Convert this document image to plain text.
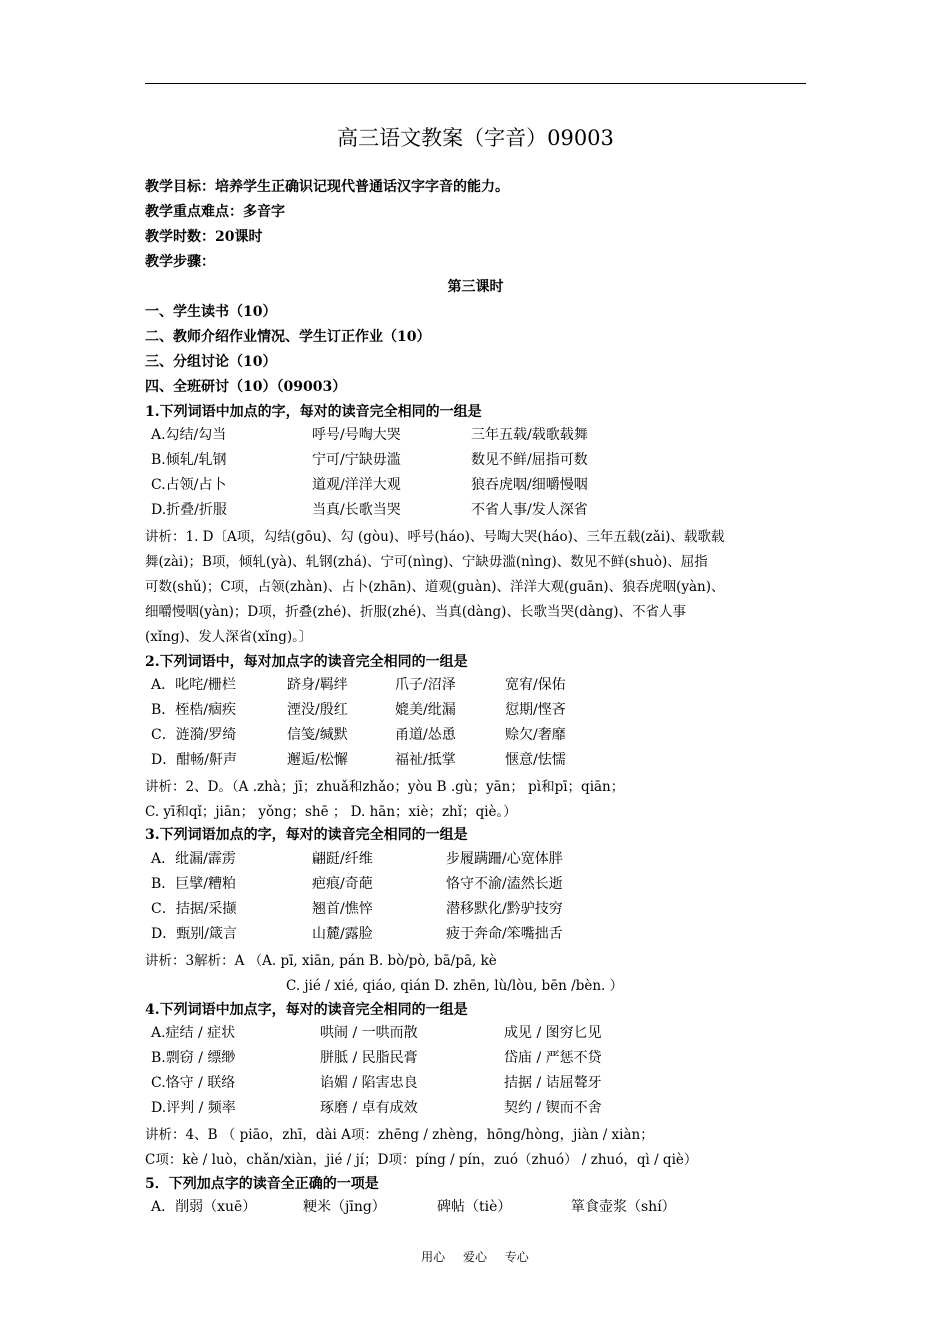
高三语文教案（字音）09003
教学目标：培养学生正确识记现代普通话汉字字音的能力。
教学重点难点：多音字
教学时数：20课时
教学步骤：
第三课时
一、学生读书（10）
二、教师介绍作业情况、学生订正作业（10）
三、分组讨论（10）
四、全班研讨（10）（09003）
1.下列词语中加点的字，每对的读音完全相同的一组是
A.勾结/勾当	呼号/号啕大哭	三年五载/载歌载舞
B.倾轧/轧钢	宁可/宁缺毋滥	数见不鲜/屈指可数
C.占领/占卜	道观/洋洋大观	狼吞虎咽/细嚼慢咽
D.折叠/折服	当真/长歌当哭	不省人事/发人深省
讲析：1. D〔A项，勾结(gōu)、勾 (gòu)、呼号(háo)、号啕大哭(háo)、三年五载(zǎi)、载歌载
舞(zài)；B项，倾轧(yà)、轧钢(zhá)、宁可(nìng)、宁缺毋滥(nìng)、数见不鲜(shuò)、屈指
可数(shǔ)；C项，占领(zhàn)、占卜(zhān)、道观(guàn)、洋洋大观(guān)、狼吞虎咽(yàn)、
细嚼慢咽(yàn)；D项，折叠(zhé)、折服(zhé)、当真(dàng)、长歌当哭(dàng)、不省人事
(xǐng)、发人深省(xǐng)。〕
2.下列词语中，每对加点字的读音完全相同的一组是
A．叱咤/栅栏	跻身/羁绊	爪子/沼泽	宽宥/保佑
B．桎梏/痼疾	湮没/殷红	媲美/纰漏	愆期/悭吝
C．涟漪/罗绮	信笺/缄默	甬道/怂恿	赊欠/奢靡
D．酣畅/鼾声	邂逅/松懈	福祉/抵掌	惬意/怯懦
讲析：2、D。（A .zhà；jī；zhuǎ和zhǎo；yòu B .gù；yān； pì和pī；qiān；
C. yī和qǐ；jiān； yǒng；shē ； D. hān；xiè；zhǐ；qiè。）
3.下列词语加点的字，每对的读音完全相同的一组是
A．纰漏/霹雳	翩跹/纤维	步履蹒跚/心宽体胖
B．巨擘/糟粕	疤痕/奇葩	恪守不渝/溘然长逝
C．拮据/采撷	翘首/憔悴	潜移默化/黔驴技穷
D．甄别/箴言	山麓/露脸	疲于奔命/笨嘴拙舌
讲析：3解析：A （A. pī, xiān, pán B. bò/pò, bā/pā, kè
C. jié / xié, qiáo, qián D. zhēn, lù/lòu, bēn /bèn. ）
4.下列词语中加点字，每对的读音完全相同的一组是
A.症结 / 症状	哄闹 / 一哄而散	成见 / 图穷匕见
B.剽窃 / 缥缈	胼胝 / 民脂民膏	岱庙 / 严惩不贷
C.恪守 / 联络	谄媚 / 陷害忠良	拮据 / 诘屈聱牙
D.评判 / 频率	琢磨 / 卓有成效	契约 / 锲而不舍
讲析：4、B （ piāo，zhī，dài A项：zhēng / zhèng，hōng/hòng，jiàn / xiàn；
C项：kè / luò，chǎn/xiàn，jié / jí；D项：píng / pín，zuó（zhuó） / zhuó，qì / qiè）
5．下列加点字的读音全正确的一项是
A．削弱（xuē）	粳米（jīng）	碑帖（tiè）	箪食壶浆（shí）
用心 爱心 专心
